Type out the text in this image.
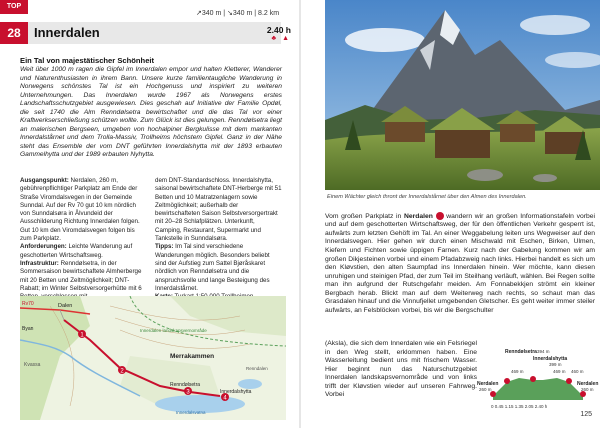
TOP
28	Innerdalen
↗340 m | ↘340 m | 8.2 km
2.40 h
♣ ▲
Ein Tal von majestätischer Schönheit

Weit über 1000 m ragen die Gipfel im Innerdalen empor und halten Kletterer, Wanderer und Naturenthusiasten in ihrem Bann. Unsere kurze familientaugliche Wanderung in Norwegens schönstes Tal ist ein Hochgenuss und inspiriert zu weiteren Unternehmungen. Das Innerdalen wurde 1967 als Norwegens erstes Landschaftsschutzgebiet ausgewiesen. Dies geschah auf Initiative der Familie Opdøl, die seit 1740 die Alm Renndølsetra bewirtschaftet und die das Tal vor einer Kraftwerkserschließung schützen wollte. Zum Glück ist dies gelungen. Renndølsetra liegt an malerischen Bergseen, umgeben von hochalpiner Bergkulisse mit dem markanten Innerdalstårnet und dem Trolla-Massiv, Trollheims höchstem Gipfel. Ganz in der Nähe steht das Ensemble der vom DNT geführten Innerdalshytta mit der 1893 erbauten Gammelhytta und der 1989 erbauten Nyhytta.

Ausgangspunkt: Nerdalen, 260 m, gebührenpflichtiger Parkplatz am Ende der Straße Viromdalsvegen in der Gemeinde Sunndal. Auf der Rv 70 gut 10 km nördlich von Sunndalsøra in Ålvundeid der Ausschilderung Richtung Innerdalen folgen. Gut 10 km den Viromdalsvegen folgen bis zum Parkplatz.

Anforderungen: Leichte Wanderung auf geschotterten Wirtschaftsweg.

Infrastruktur: Renndølsetra, in der Sommersaison bewirtschaftete Almherberge mit 20 Betten und Zeltmöglichkeit; DNT-Rabatt; im Winter Selbstversorgerhütte mit 6

dem DNT-Standardschloss. Innerdalshytta, saisonal bewirtschaftete DNT-Herberge mit 51 Betten und 10 Matratzenlagern sowie Zeltmöglichkeit; außerhalb der bewirtschafteten Saison Selbstversorgertrakt mit 20–28 Schlafplätzen. Unterkunft, Camping, Restaurant, Supermarkt und Tankstelle in Sunndalsøra.

Tipps: Im Tal sind verschiedene Wanderungen möglich. Besonders beliebt sind der Aufstieg zum Sattel Bjøråskaret nördlich von Renndølsetra und die anspruchsvolle und lange Besteigung des Innerdalstårnet.

1
2
3
4
Rv70	Dalen
Byan
Kvassa
Innerdalen landskapsvernområde
Merrakammen
Renndølsetra
Innerdalshytta
Innerdalsvatna
Renndalen
Einem Wächter gleich thront der Innerdalstårnet über den Almen des Innerdalen.

Vom großen Parkplatz in Nerdalen  wandern wir an großen Informationstafeln vorbei und auf dem geschotterten Wirtschaftsweg, der für den öffentlichen Verkehr gesperrt ist, aufwärts zum letzten Gehöft im Tal. An einer Weggabelung leiten uns Wegweiser auf den Innerdalsvegen. Hier gehen wir durch einen Mischwald mit Eschen, Birken, Ulmen, Kiefern und Fichten sowie üppigen Farnen. Kurz nach der Gabelung kommen wir am großen Dikjesteinen vorbei und einem Pfadabzweig nach links. Hierbei handelt es sich um den Kløvstien, den alten Saumpfad ins Innerdalen hinein. Wer möchte, kann diesen unruhigen und steinigen Pfad, der zum Teil im Steilhang verläuft, wählen. Bei Regen sollte man ihn aufgrund der Rutschgefahr meiden. Am Fonnabekkjen strömt ein kleiner Bergbach herab. Blickt man auf dem Weiterweg nach rechts, so schaut man das Grasdalen hinauf und die Vinnufjellet umgebenden Gletscher. Es geht weiter immer steiler aufwärts, an Felsblöcken vorbei, bis wir die Bergschulter

(Aksla), die sich dem Innerdalen wie ein Felsriegel in den Weg stellt, erklommen haben. Eine Wasserleitung bedient uns mit frischem Wasser. Hier beginnt nun das Naturschutzgebiet Innerdalen landskapsvernområde und von links trifft der Kløvstien wieder auf unseren Fahrweg. Vorbei

Renndølsetra 394 m
Innerdalshytta
399 m
469 m	469 m 460 m
Nerdalen
260 m
Nerdalen
260 m
0 0.45 1.15 1.35 2.05 2.40 h
125
